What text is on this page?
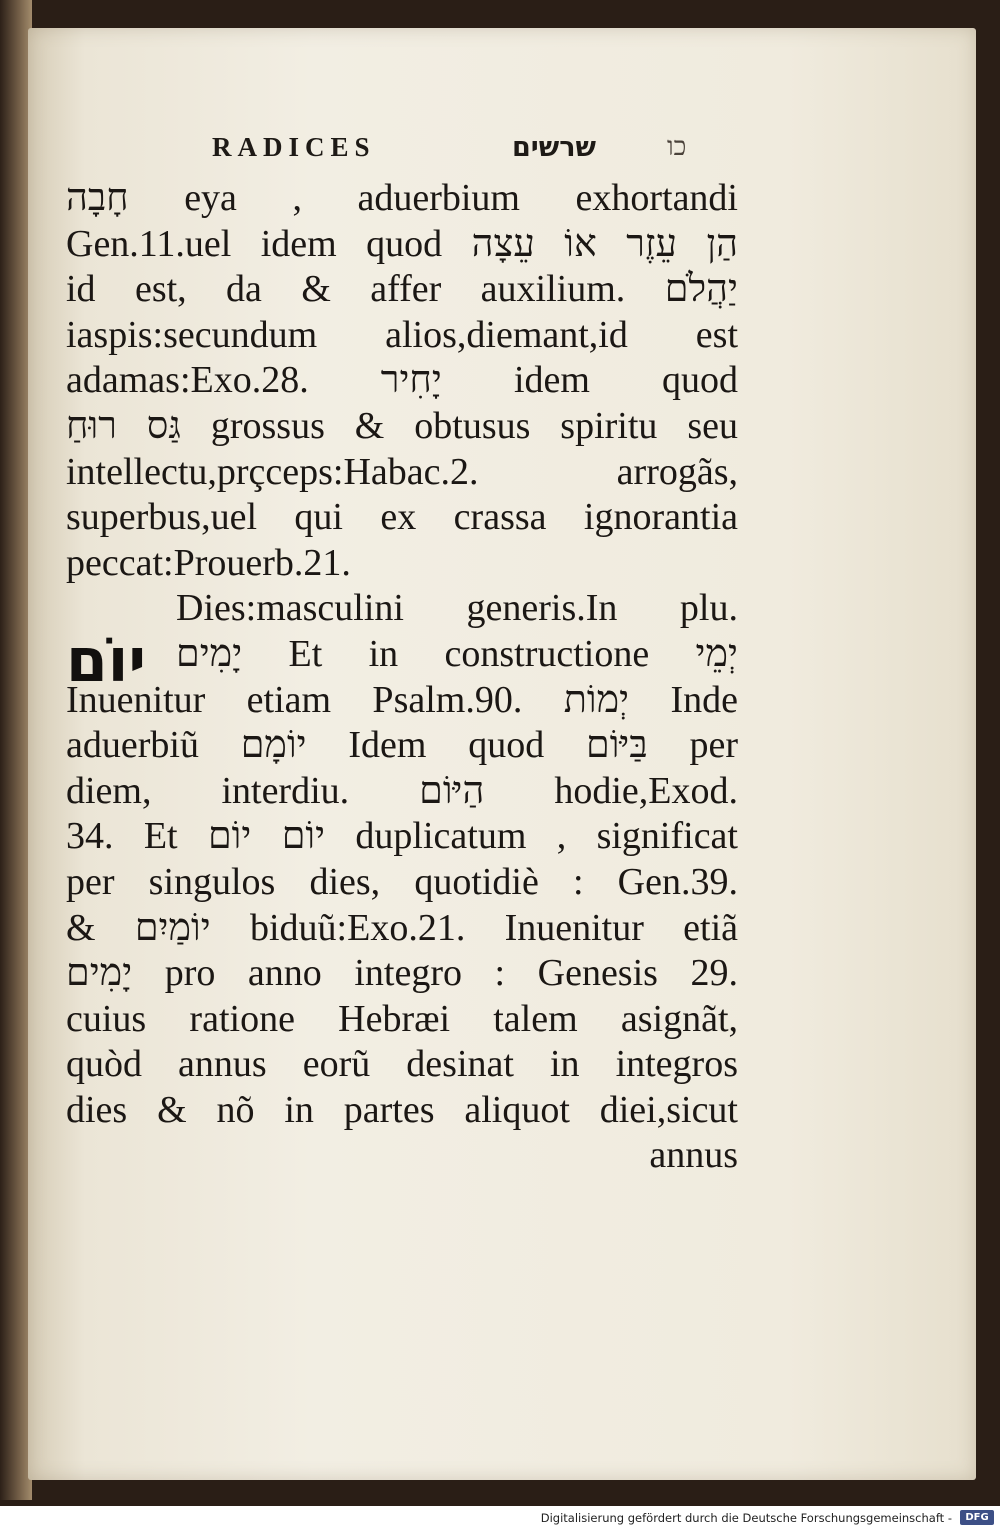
RADICES	שרשים	כו
יוֹם
חָבָה eya , aduerbium exhortandi
Gen.11.uel idem quod הַן עֵזֶר אוֹ עֵצָה
id est, da & affer auxilium. יַהֲלֹם
iaspis:secundum alios,diemant,id est
adamas:Exo.28. יָחִיר idem quod
גַּס רוּחַ grossus & obtusus spiritu seu
intellectu,prçceps:Habac.2. arrogãs,
superbus,uel qui ex crassa ignorantia
peccat:Prouerb.21.
Dies:masculini generis.In plu.
יָמִים Et in constructione יְמֵי
Inuenitur etiam Psalm.90. יְמוֹת Inde
aduerbiũ יוֹמָם Idem quod בַּיּוֹם per
diem, interdiu. הַיּוֹם hodie,Exod.
34. Et יוֹם יוֹם duplicatum , significat
per singulos dies, quotidiè : Gen.39.
& יוֹמַיִם biduũ:Exo.21. Inuenitur etiã
יָמִים pro anno integro : Genesis 29.
cuius ratione Hebræi talem asignãt,
quòd annus eorũ desinat in integros
dies & nõ in partes aliquot diei,sicut
annus
Digitalisierung gefördert durch die Deutsche Forschungsgemeinschaft -	DFG
